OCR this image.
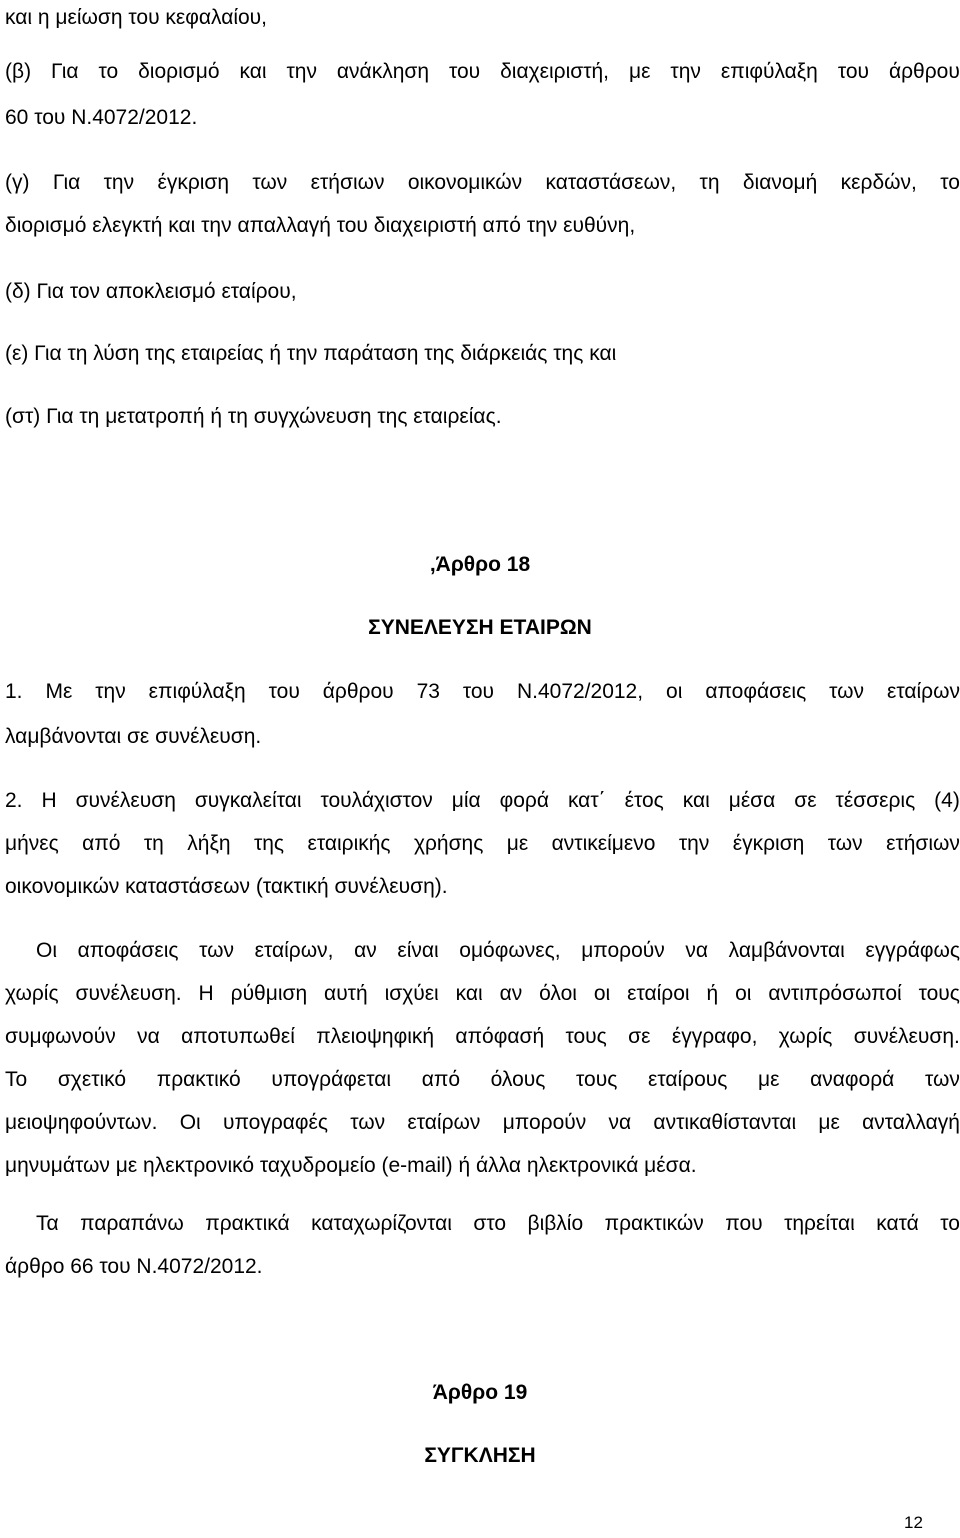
και η μείωση του κεφαλαίου,
(β) Για το διορισμό και την ανάκληση του διαχειριστή, με την επιφύλαξη του άρθρου
60 του Ν.4072/2012.
(γ) Για την έγκριση των ετήσιων οικονομικών καταστάσεων, τη διανομή κερδών, το
διορισμό ελεγκτή και την απαλλαγή του διαχειριστή από την ευθύνη,
(δ) Για τον αποκλεισμό εταίρου,
(ε) Για τη λύση της εταιρείας ή την παράταση της διάρκειάς της και
(στ) Για τη μετατροπή ή τη συγχώνευση της εταιρείας.
,Άρθρο 18
ΣΥΝΕΛΕΥΣΗ ΕΤΑΙΡΩΝ
1. Με την επιφύλαξη του άρθρου 73 του Ν.4072/2012, οι αποφάσεις των εταίρων
λαμβάνονται σε συνέλευση.
2. Η συνέλευση συγκαλείται τουλάχιστον μία φορά κατ΄ έτος και μέσα σε τέσσερις (4)
μήνες από τη λήξη της εταιρικής χρήσης με αντικείμενο την έγκριση των ετήσιων
οικονομικών καταστάσεων (τακτική συνέλευση).
Οι αποφάσεις των εταίρων, αν είναι ομόφωνες, μπορούν να λαμβάνονται εγγράφως
χωρίς συνέλευση. Η ρύθμιση αυτή ισχύει και αν όλοι οι εταίροι ή οι αντιπρόσωποί τους
συμφωνούν να αποτυπωθεί πλειοψηφική απόφασή τους σε έγγραφο, χωρίς συνέλευση.
Το σχετικό πρακτικό υπογράφεται από όλους τους εταίρους με αναφορά των
μειοψηφούντων. Οι υπογραφές των εταίρων μπορούν να αντικαθίστανται με ανταλλαγή
μηνυμάτων με ηλεκτρονικό ταχυδρομείο (e-mail) ή άλλα ηλεκτρονικά μέσα.
Τα παραπάνω πρακτικά καταχωρίζονται στο βιβλίο πρακτικών που τηρείται κατά το
άρθρο 66 του Ν.4072/2012.
Άρθρο 19
ΣΥΓΚΛΗΣΗ
12
